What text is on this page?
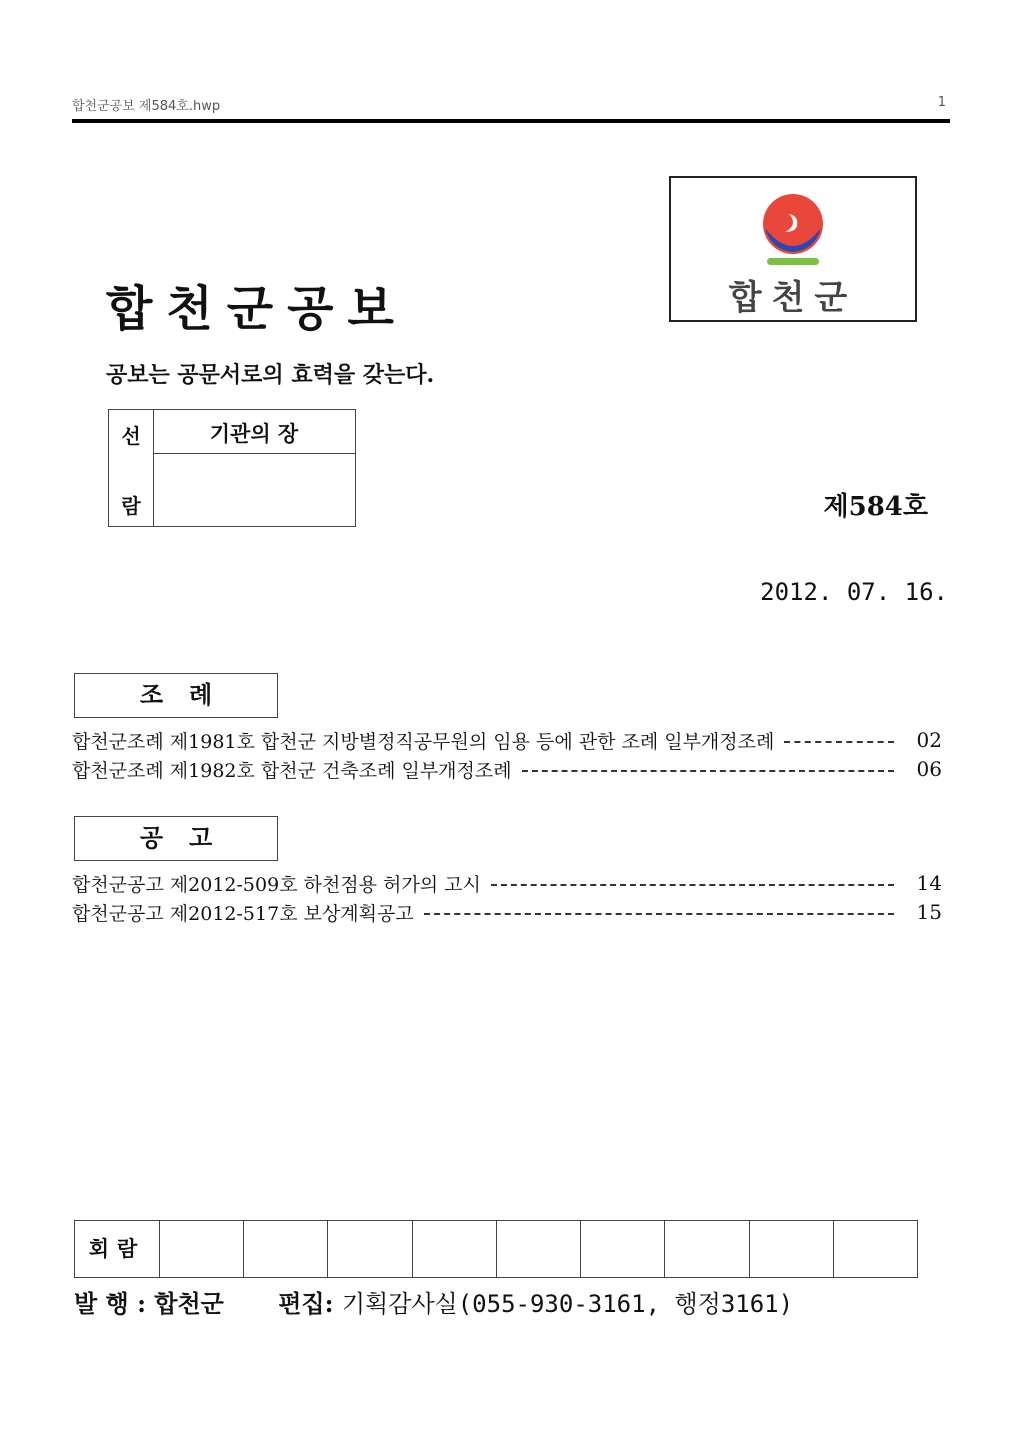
합천군공보 제584호.hwp	1
합천군공보
공보는 공문서로의 효력을 갖는다.
합천군
선
람
기관의 장
제584호
2012. 07. 16.
조례
합천군조례 제1981호 합천군 지방별정직공무원의 임용 등에 관한 조례 일부개정조례	02
합천군조례 제1982호 합천군 건축조례 일부개정조례	06
공고
합천군공고 제2012-509호 하천점용 허가의 고시	14
합천군공고 제2012-517호 보상계획공고	15
회람
발 행 : 합천군 편집: 기획감사실(055-930-3161, 행정3161)
